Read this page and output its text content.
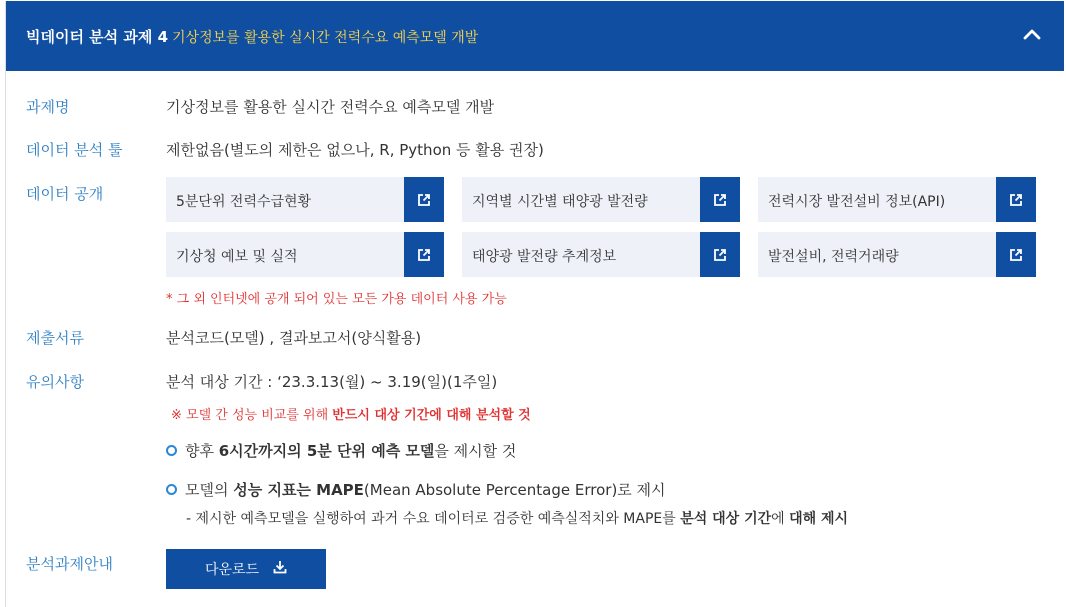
빅데이터 분석 과제 4 기상정보를 활용한 실시간 전력수요 예측모델 개발
과제명	기상정보를 활용한 실시간 전력수요 예측모델 개발
데이터 분석 툴	제한없음(별도의 제한은 없으나, R, Python 등 활용 권장)
데이터 공개	5분단위 전력수급현황	지역별 시간별 태양광 발전량	전력시장 발전설비 정보(API)
기상청 예보 및 실적	태양광 발전량 추계정보	발전설비, 전력거래량
* 그 외 인터넷에 공개 되어 있는 모든 가용 데이터 사용 가능
제출서류	분석코드(모델) , 결과보고서(양식활용)
유의사항	분석 대상 기간 : ‘23.3.13(월) ~ 3.19(일)(1주일)
※ 모델 간 성능 비교를 위해 반드시 대상 기간에 대해 분석할 것
향후 6시간까지의 5분 단위 예측 모델을 제시할 것
모델의 성능 지표는 MAPE(Mean Absolute Percentage Error)로 제시
- 제시한 예측모델을 실행하여 과거 수요 데이터로 검증한 예측실적치와 MAPE를 분석 대상 기간에 대해 제시
분석과제안내	다운로드
